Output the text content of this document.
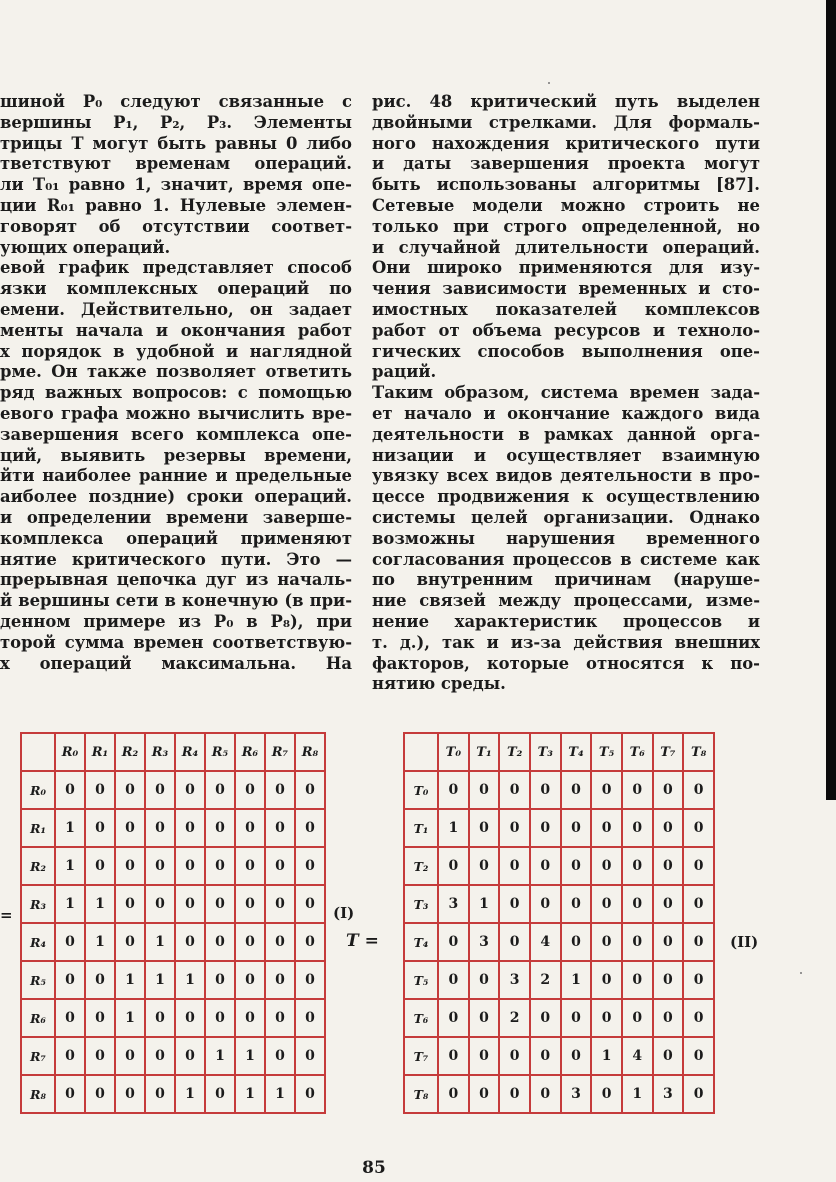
шиной P₀ следуют связанные с
вершины P₁, P₂, P₃. Элементы
трицы T могут быть равны 0 либо
тветствуют временам операций.
ли T₀₁ равно 1, значит, время опе-
ции R₀₁ равно 1. Нулевые элемен-
говорят об отсутствии соответ-
ующих операций.
евой график представляет способ
язки комплексных операций по
емени. Действительно, он задает
менты начала и окончания работ
х порядок в удобной и наглядной
рме. Он также позволяет ответить
ряд важных вопросов: с помощью
евого графа можно вычислить вре-
завершения всего комплекса опе-
ций, выявить резервы времени,
йти наиболее ранние и предельные
аиболее поздние) сроки операций.
и определении времени заверше-
комплекса операций применяют
нятие критического пути. Это —
прерывная цепочка дуг из началь-
й вершины сети в конечную (в при-
денном примере из P₀ в P₈), при
торой сумма времен соответствую-
х операций максимальна. На
рис. 48 критический путь выделен
двойными стрелками. Для формаль-
ного нахождения критического пути
и даты завершения проекта могут
быть использованы алгоритмы [87].
Сетевые модели можно строить не
только при строго определенной, но
и случайной длительности операций.
Они широко применяются для изу-
чения зависимости временных и сто-
имостных показателей комплексов
работ от объема ресурсов и техноло-
гических способов выполнения опе-
раций.
Таким образом, система времен зада-
ет начало и окончание каждого вида
деятельности в рамках данной орга-
низации и осуществляет взаимную
увязку всех видов деятельности в про-
цессе продвижения к осуществлению
системы целей организации. Однако
возможны нарушения временного
согласования процессов в системе как
по внутренним причинам (наруше-
ние связей между процессами, изме-
нение характеристик процессов и
т. д.), так и из-за действия внешних
факторов, которые относятся к по-
нятию среды.
	R₀	R₁	R₂	R₃	R₄	R₅	R₆	R₇	R₈
R₀	0	0	0	0	0	0	0	0	0
R₁	1	0	0	0	0	0	0	0	0
R₂	1	0	0	0	0	0	0	0	0
R₃	1	1	0	0	0	0	0	0	0
R₄	0	1	0	1	0	0	0	0	0
R₅	0	0	1	1	1	0	0	0	0
R₆	0	0	1	0	0	0	0	0	0
R₇	0	0	0	0	0	1	1	0	0
R₈	0	0	0	0	1	0	1	1	0
=	(I)
	T₀	T₁	T₂	T₃	T₄	T₅	T₆	T₇	T₈
T₀	0	0	0	0	0	0	0	0	0
T₁	1	0	0	0	0	0	0	0	0
T₂	0	0	0	0	0	0	0	0	0
T₃	3	1	0	0	0	0	0	0	0
T₄	0	3	0	4	0	0	0	0	0
T₅	0	0	3	2	1	0	0	0	0
T₆	0	0	2	0	0	0	0	0	0
T₇	0	0	0	0	0	1	4	0	0
T₈	0	0	0	0	3	0	1	3	0
T =	(II)
85
